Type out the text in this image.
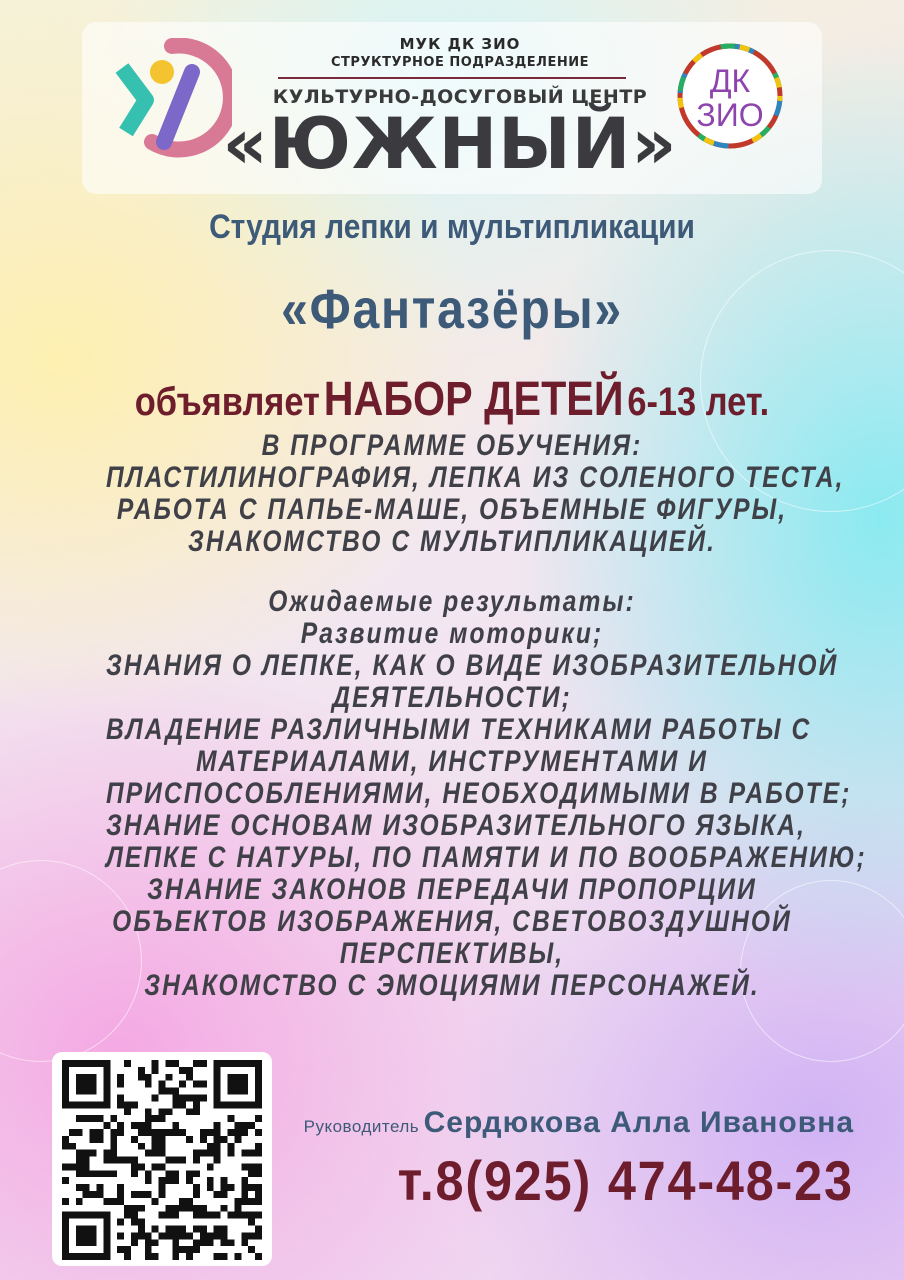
МУК ДК ЗИО
СТРУКТУРНОЕ ПОДРАЗДЕЛЕНИЕ
КУЛЬТУРНО-ДОСУГОВЫЙ ЦЕНТР
«ЮЖНЫЙ»
ДК
ЗИО
Студия лепки и мультипликации
«Фантазёры»
объявляет НАБОР ДЕТЕЙ 6-13 лет.
В ПРОГРАММЕ ОБУЧЕНИЯ:
ПЛАСТИЛИНОГРАФИЯ, ЛЕПКА ИЗ СОЛЕНОГО ТЕСТА,
РАБОТА С ПАПЬЕ-МАШЕ, ОБЪЕМНЫЕ ФИГУРЫ,
ЗНАКОМСТВО С МУЛЬТИПЛИКАЦИЕЙ.
Ожидаемые результаты:
Развитие моторики;
ЗНАНИЯ О ЛЕПКЕ, КАК О ВИДЕ ИЗОБРАЗИТЕЛЬНОЙ
ДЕЯТЕЛЬНОСТИ;
ВЛАДЕНИЕ РАЗЛИЧНЫМИ ТЕХНИКАМИ РАБОТЫ С
МАТЕРИАЛАМИ, ИНСТРУМЕНТАМИ И
ПРИСПОСОБЛЕНИЯМИ, НЕОБХОДИМЫМИ В РАБОТЕ;
ЗНАНИЕ ОСНОВАМ ИЗОБРАЗИТЕЛЬНОГО ЯЗЫКА,
ЛЕПКЕ С НАТУРЫ, ПО ПАМЯТИ И ПО ВООБРАЖЕНИЮ;
ЗНАНИЕ ЗАКОНОВ ПЕРЕДАЧИ ПРОПОРЦИИ
ОБЪЕКТОВ ИЗОБРАЖЕНИЯ, СВЕТОВОЗДУШНОЙ
ПЕРСПЕКТИВЫ,
ЗНАКОМСТВО С ЭМОЦИЯМИ ПЕРСОНАЖЕЙ.
Руководитель Сердюкова Алла Ивановна
т.8(925) 474-48-23
